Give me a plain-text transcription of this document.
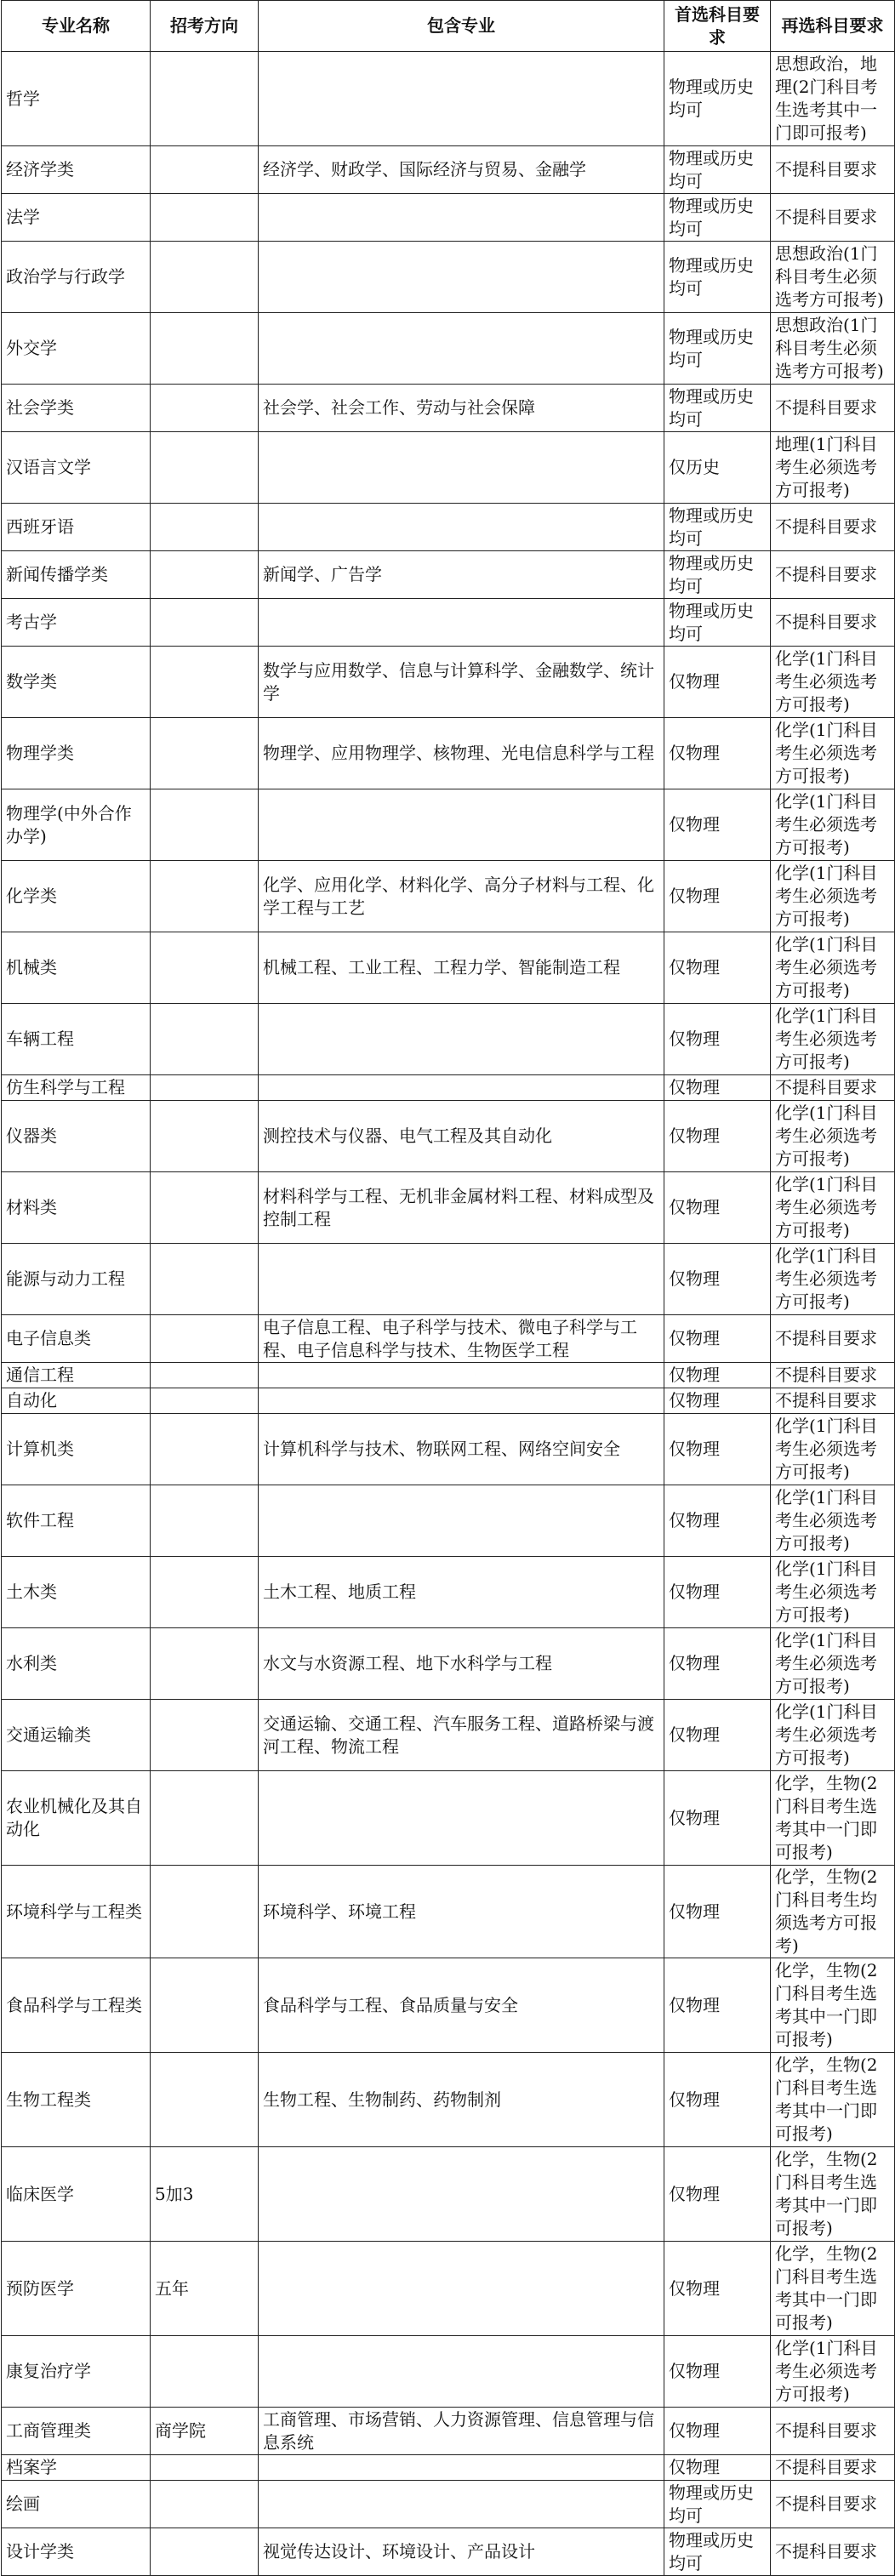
专业名称	招考方向	包含专业	首选科目要求	再选科目要求
哲学			物理或历史均可	思想政治，地理(2门科目考生选考其中一门即可报考)
经济学类		经济学、财政学、国际经济与贸易、金融学	物理或历史均可	不提科目要求
法学			物理或历史均可	不提科目要求
政治学与行政学			物理或历史均可	思想政治(1门科目考生必须选考方可报考)
外交学			物理或历史均可	思想政治(1门科目考生必须选考方可报考)
社会学类		社会学、社会工作、劳动与社会保障	物理或历史均可	不提科目要求
汉语言文学			仅历史	地理(1门科目考生必须选考方可报考)
西班牙语			物理或历史均可	不提科目要求
新闻传播学类		新闻学、广告学	物理或历史均可	不提科目要求
考古学			物理或历史均可	不提科目要求
数学类		数学与应用数学、信息与计算科学、金融数学、统计学	仅物理	化学(1门科目考生必须选考方可报考)
物理学类		物理学、应用物理学、核物理、光电信息科学与工程	仅物理	化学(1门科目考生必须选考方可报考)
物理学(中外合作办学)			仅物理	化学(1门科目考生必须选考方可报考)
化学类		化学、应用化学、材料化学、高分子材料与工程、化学工程与工艺	仅物理	化学(1门科目考生必须选考方可报考)
机械类		机械工程、工业工程、工程力学、智能制造工程	仅物理	化学(1门科目考生必须选考方可报考)
车辆工程			仅物理	化学(1门科目考生必须选考方可报考)
仿生科学与工程			仅物理	不提科目要求
仪器类		测控技术与仪器、电气工程及其自动化	仅物理	化学(1门科目考生必须选考方可报考)
材料类		材料科学与工程、无机非金属材料工程、材料成型及控制工程	仅物理	化学(1门科目考生必须选考方可报考)
能源与动力工程			仅物理	化学(1门科目考生必须选考方可报考)
电子信息类		电子信息工程、电子科学与技术、微电子科学与工程、电子信息科学与技术、生物医学工程	仅物理	不提科目要求
通信工程			仅物理	不提科目要求
自动化			仅物理	不提科目要求
计算机类		计算机科学与技术、物联网工程、网络空间安全	仅物理	化学(1门科目考生必须选考方可报考)
软件工程			仅物理	化学(1门科目考生必须选考方可报考)
土木类		土木工程、地质工程	仅物理	化学(1门科目考生必须选考方可报考)
水利类		水文与水资源工程、地下水科学与工程	仅物理	化学(1门科目考生必须选考方可报考)
交通运输类		交通运输、交通工程、汽车服务工程、道路桥梁与渡河工程、物流工程	仅物理	化学(1门科目考生必须选考方可报考)
农业机械化及其自动化			仅物理	化学，生物(2门科目考生选考其中一门即可报考)
环境科学与工程类		环境科学、环境工程	仅物理	化学，生物(2门科目考生均须选考方可报考)
食品科学与工程类		食品科学与工程、食品质量与安全	仅物理	化学，生物(2门科目考生选考其中一门即可报考)
生物工程类		生物工程、生物制药、药物制剂	仅物理	化学，生物(2门科目考生选考其中一门即可报考)
临床医学	5加3		仅物理	化学，生物(2门科目考生选考其中一门即可报考)
预防医学	五年		仅物理	化学，生物(2门科目考生选考其中一门即可报考)
康复治疗学			仅物理	化学(1门科目考生必须选考方可报考)
工商管理类	商学院	工商管理、市场营销、人力资源管理、信息管理与信息系统	仅物理	不提科目要求
档案学			仅物理	不提科目要求
绘画			物理或历史均可	不提科目要求
设计学类		视觉传达设计、环境设计、产品设计	物理或历史均可	不提科目要求
